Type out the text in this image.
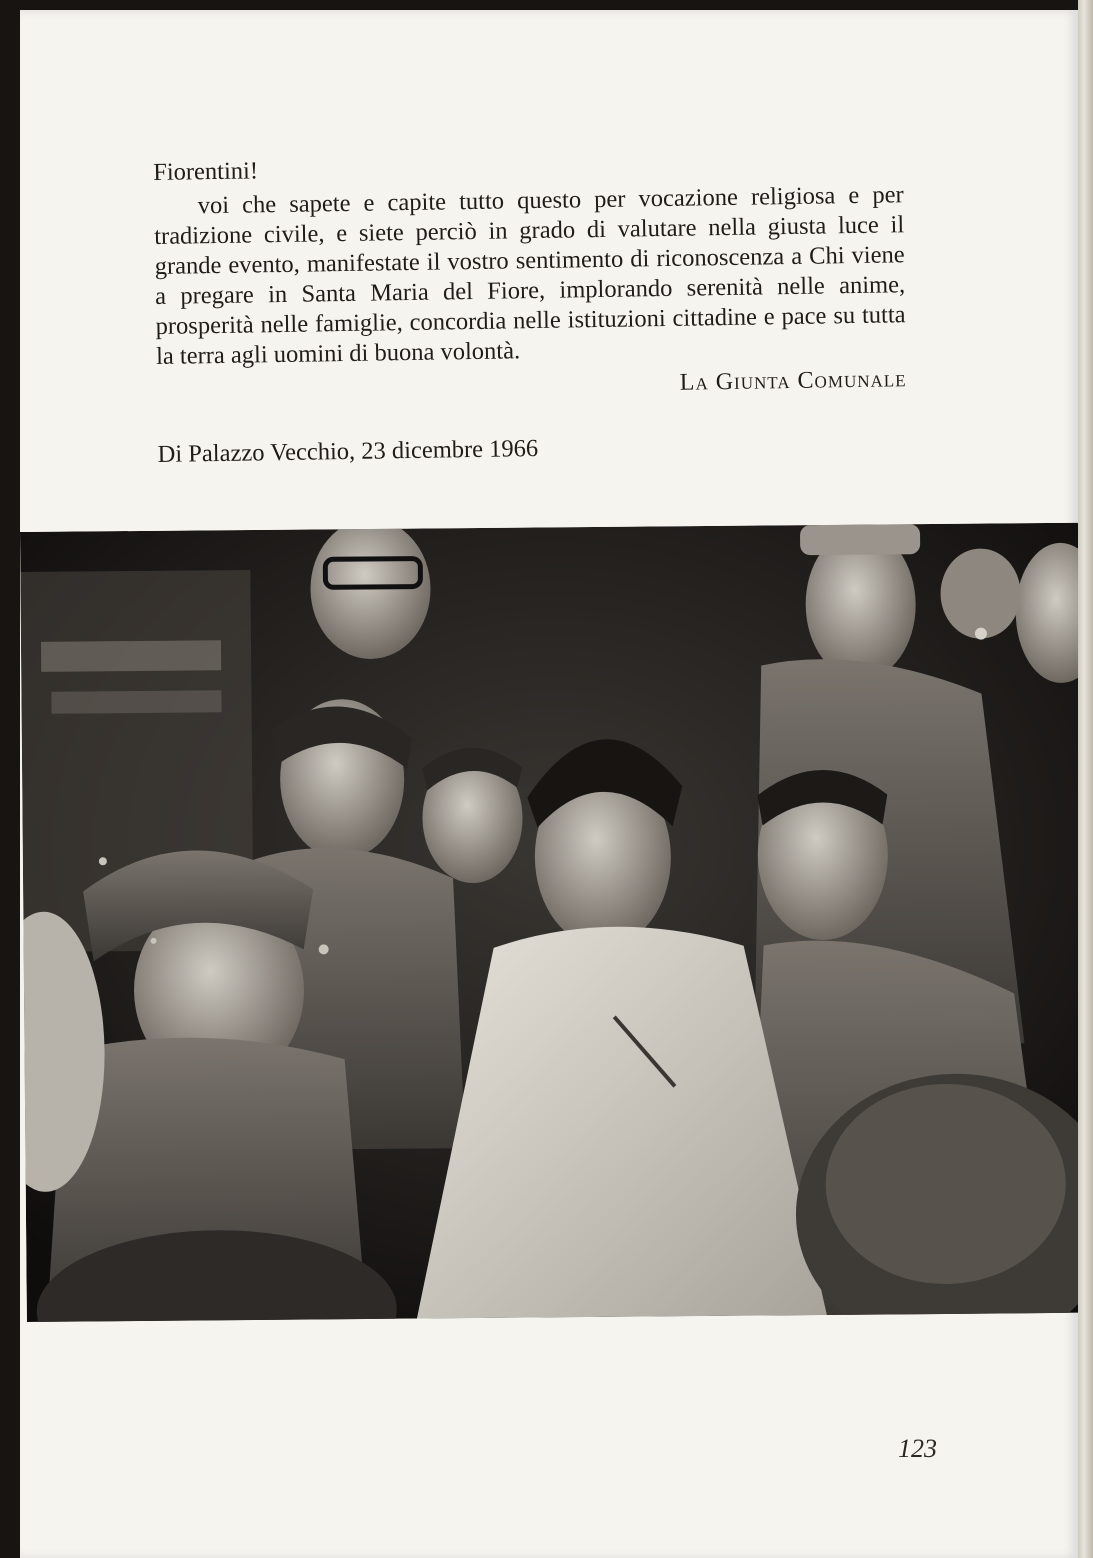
Fiorentini!

voi che sapete e capite tutto questo per vocazione religiosa e per tradizione civile, e siete perciò in grado di valutare nella giusta luce il grande evento, manifestate il vostro sentimento di riconoscenza a Chi viene a pregare in Santa Maria del Fiore, implorando serenità nelle anime, prosperità nelle famiglie, concordia nelle istituzioni cittadine e pace su tutta la terra agli uomini di buona volontà.

La Giunta Comunale

Di Palazzo Vecchio, 23 dicembre 1966

123
